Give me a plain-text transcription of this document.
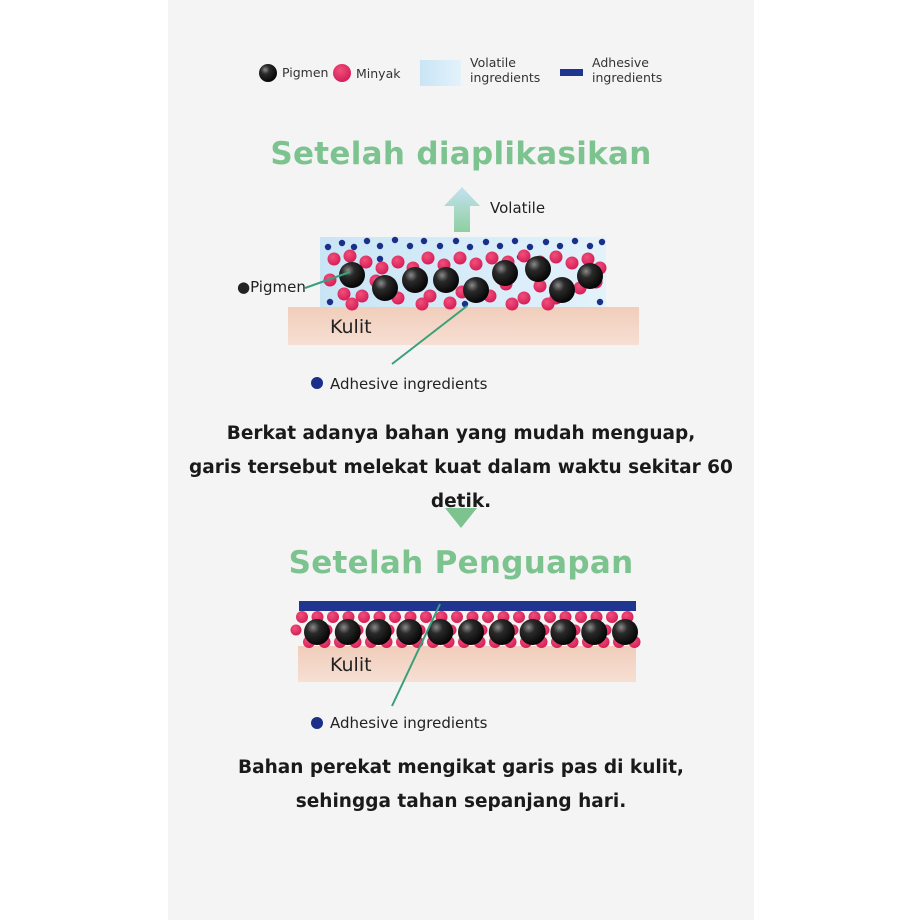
Pigmen Minyak
Volatile
ingredients
Adhesive
ingredients
Setelah diaplikasikan
Volatile
●Pigmen
Kulit
Adhesive ingredients
Berkat adanya bahan yang mudah menguap,
garis tersebut melekat kuat dalam waktu sekitar 60 detik.
Setelah Penguapan
Kulit
Adhesive ingredients
Bahan perekat mengikat garis pas di kulit,
sehingga tahan sepanjang hari.
